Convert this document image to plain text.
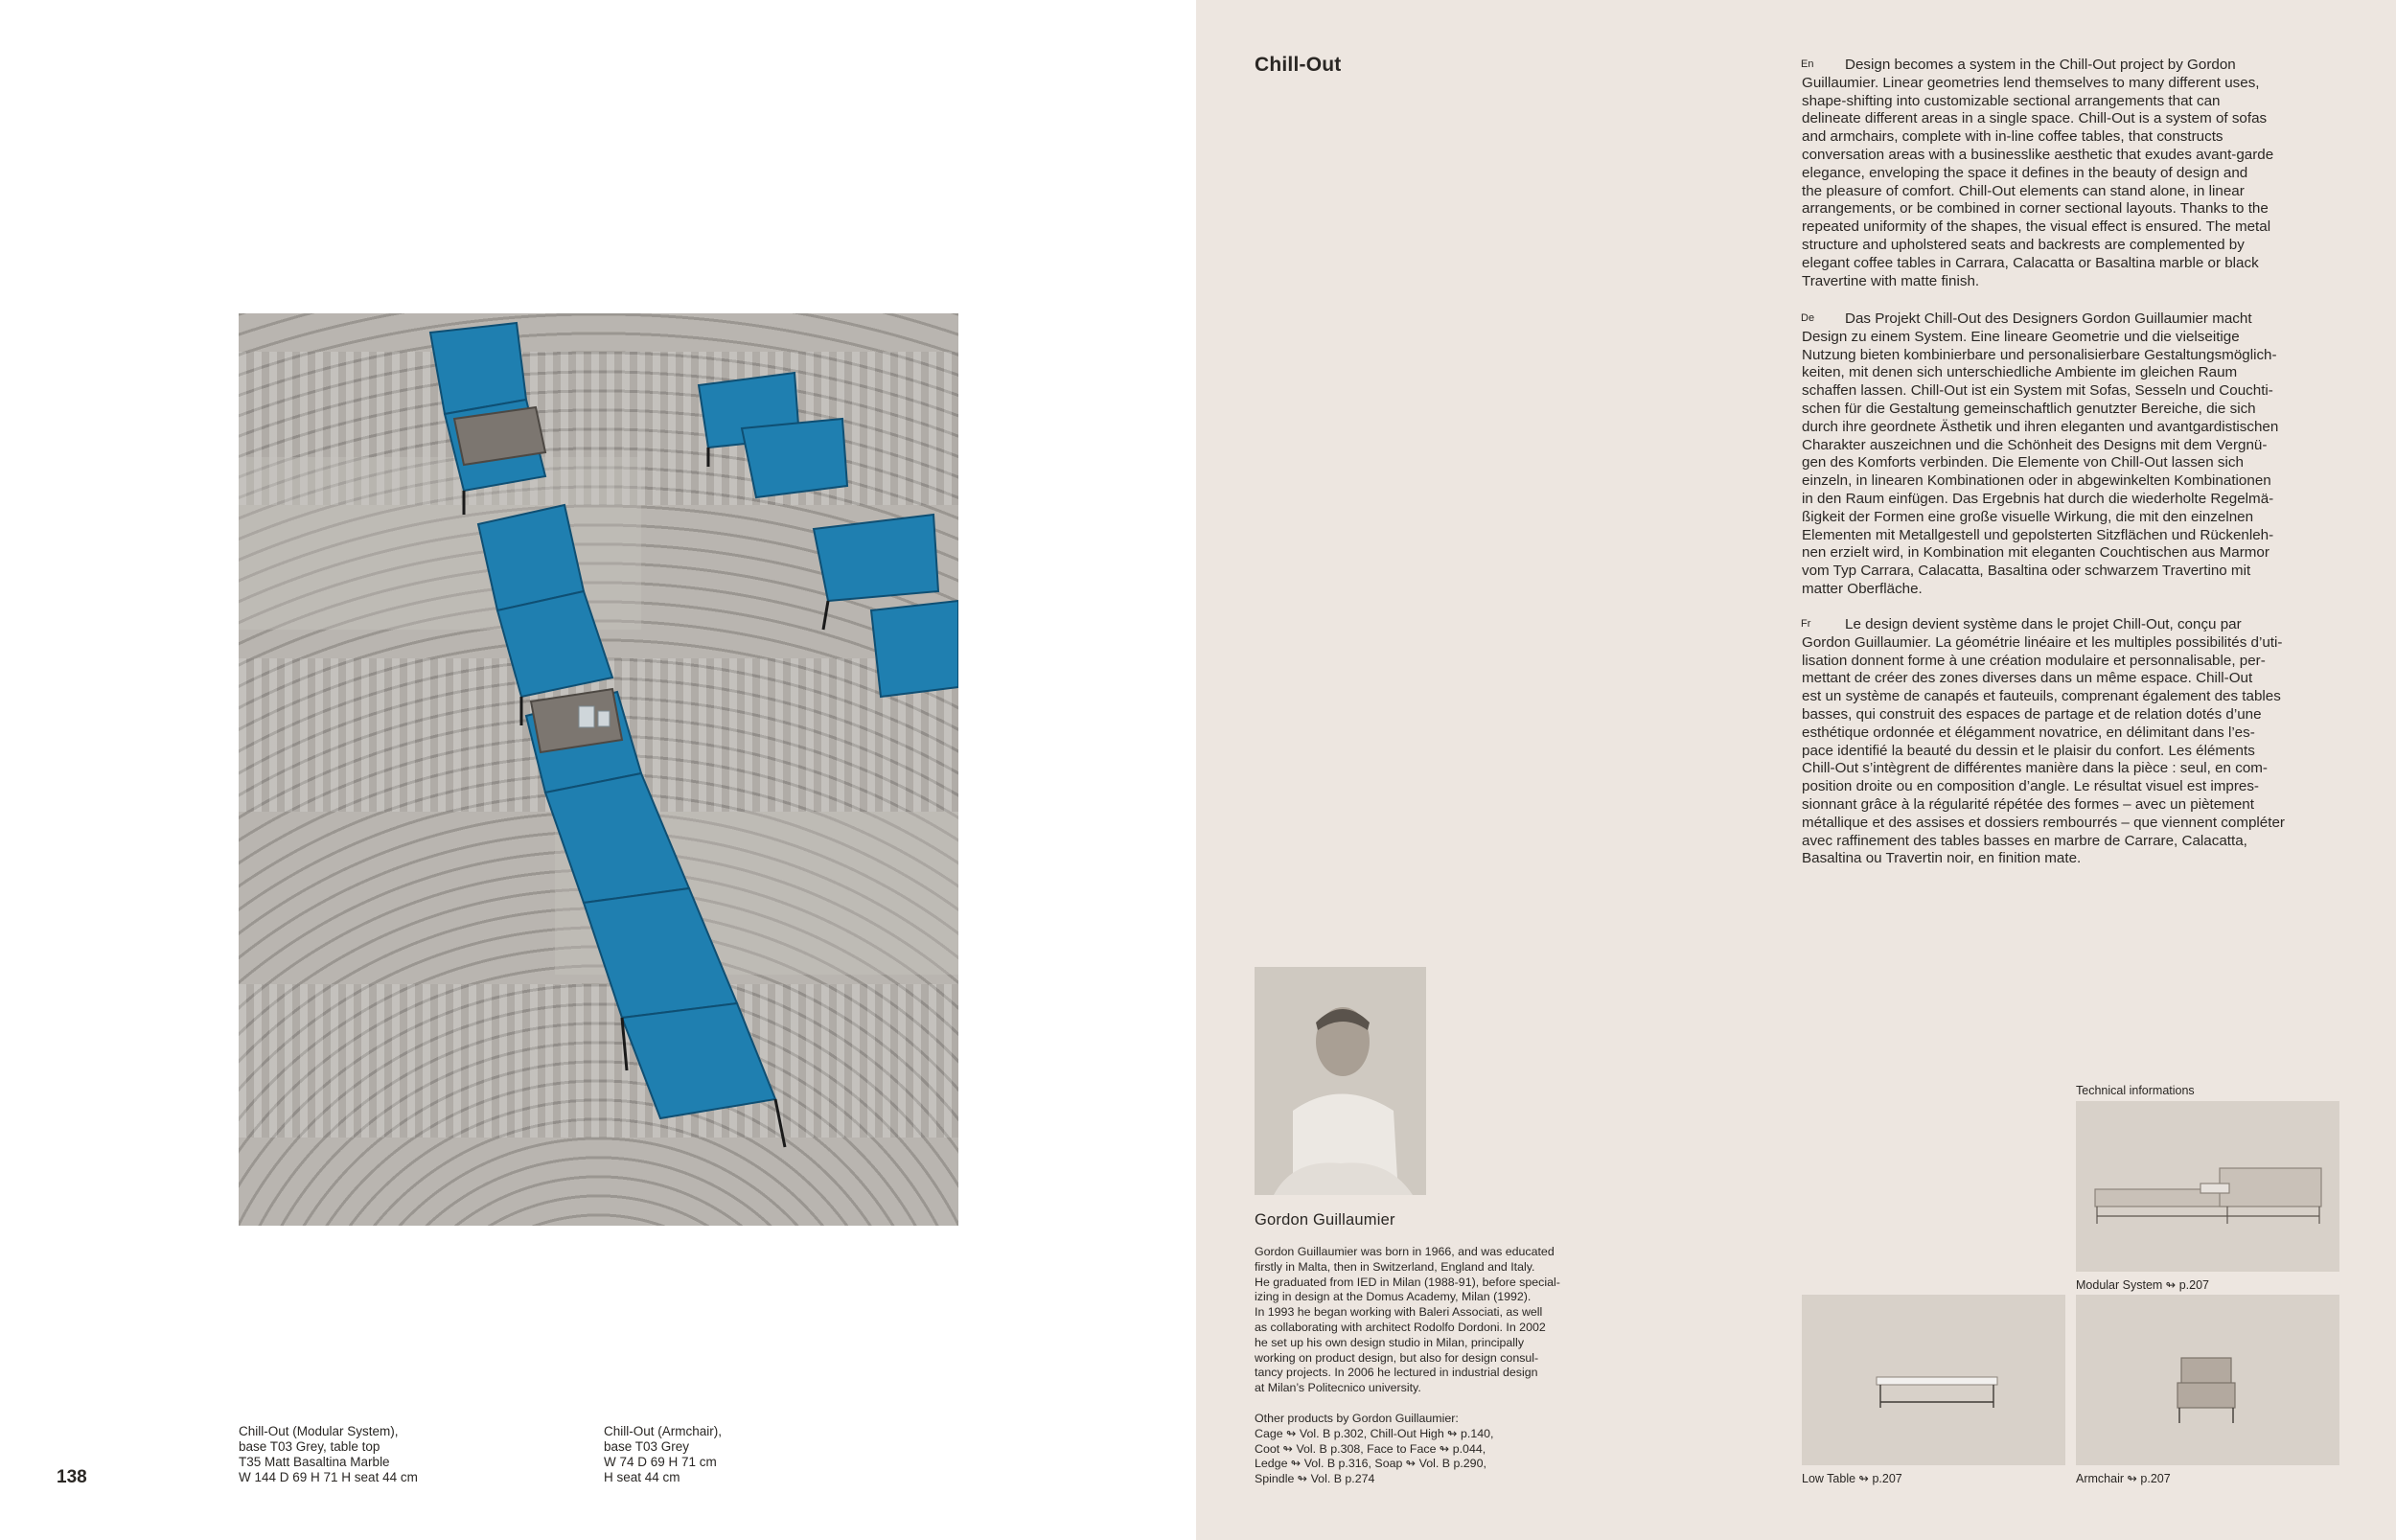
Chill-Out (Modular System),
base T03 Grey, table top
T35 Matt Basaltina Marble
W 144 D 69 H 71 H seat 44 cm
Chill-Out (Armchair),
base T03 Grey
W 74 D 69 H 71 cm
H seat 44 cm
138
Chill-Out	En	Design becomes a system in the Chill-Out project by Gordon
Guillaumier. Linear geometries lend themselves to many different uses,
shape-shifting into customizable sectional arrangements that can
delineate different areas in a single space. Chill-Out is a system of sofas
and armchairs, complete with in-line coffee tables, that constructs
conversation areas with a businesslike aesthetic that exudes avant-garde
elegance, enveloping the space it defines in the beauty of design and
the pleasure of comfort. Chill-Out elements can stand alone, in linear
arrangements, or be combined in corner sectional layouts. Thanks to the
repeated uniformity of the shapes, the visual effect is ensured. The metal
structure and upholstered seats and backrests are complemented by
elegant coffee tables in Carrara, Calacatta or Basaltina marble or black
Travertine with matte finish.

De	Das Projekt Chill-Out des Designers Gordon Guillaumier macht
Design zu einem System. Eine lineare Geometrie und die vielseitige
Nutzung bieten kombinierbare und personalisierbare Gestaltungsmöglich-
keiten, mit denen sich unterschiedliche Ambiente im gleichen Raum
schaffen lassen. Chill-Out ist ein System mit Sofas, Sesseln und Couchti-
schen für die Gestaltung gemeinschaftlich genutzter Bereiche, die sich
durch ihre geordnete Ästhetik und ihren eleganten und avantgardistischen
Charakter auszeichnen und die Schönheit des Designs mit dem Vergnü-
gen des Komforts verbinden. Die Elemente von Chill-Out lassen sich
einzeln, in linearen Kombinationen oder in abgewinkelten Kombinationen
in den Raum einfügen. Das Ergebnis hat durch die wiederholte Regelmä-
ßigkeit der Formen eine große visuelle Wirkung, die mit den einzelnen
Elementen mit Metallgestell und gepolsterten Sitzflächen und Rückenleh-
nen erzielt wird, in Kombination mit eleganten Couchtischen aus Marmor
vom Typ Carrara, Calacatta, Basaltina oder schwarzem Travertino mit
matter Oberfläche.

Fr	Le design devient système dans le projet Chill-Out, conçu par
Gordon Guillaumier. La géométrie linéaire et les multiples possibilités d’uti-
lisation donnent forme à une création modulaire et personnalisable, per-
mettant de créer des zones diverses dans un même espace. Chill-Out
est un système de canapés et fauteuils, comprenant également des tables
basses, qui construit des espaces de partage et de relation dotés d’une
esthétique ordonnée et élégamment novatrice, en délimitant dans l’es-
pace identifié la beauté du dessin et le plaisir du confort. Les éléments
Chill-Out s’intègrent de différentes manière dans la pièce : seul, en com-
position droite ou en composition d’angle. Le résultat visuel est impres-
sionnant grâce à la régularité répétée des formes – avec un piètement
métallique et des assises et dossiers rembourrés – que viennent compléter
avec raffinement des tables basses en marbre de Carrare, Calacatta,
Basaltina ou Travertin noir, en finition mate.

Gordon Guillaumier
Gordon Guillaumier was born in 1966, and was educated
firstly in Malta, then in Switzerland, England and Italy.
He graduated from IED in Milan (1988-91), before special-
izing in design at the Domus Academy, Milan (1992).
In 1993 he began working with Baleri Associati, as well
as collaborating with architect Rodolfo Dordoni. In 2002
he set up his own design studio in Milan, principally
working on product design, but also for design consul-
tancy projects. In 2006 he lectured in industrial design
at Milan’s Politecnico university.
Other products by Gordon Guillaumier:
Cage ↬ Vol. B p.302, Chill-Out High ↬ p.140,
Coot ↬ Vol. B p.308, Face to Face ↬ p.044,
Ledge ↬ Vol. B p.316, Soap ↬ Vol. B p.290,
Spindle ↬ Vol. B p.274
Technical informations
Modular System ↬ p.207
Low Table ↬ p.207	Armchair ↬ p.207
